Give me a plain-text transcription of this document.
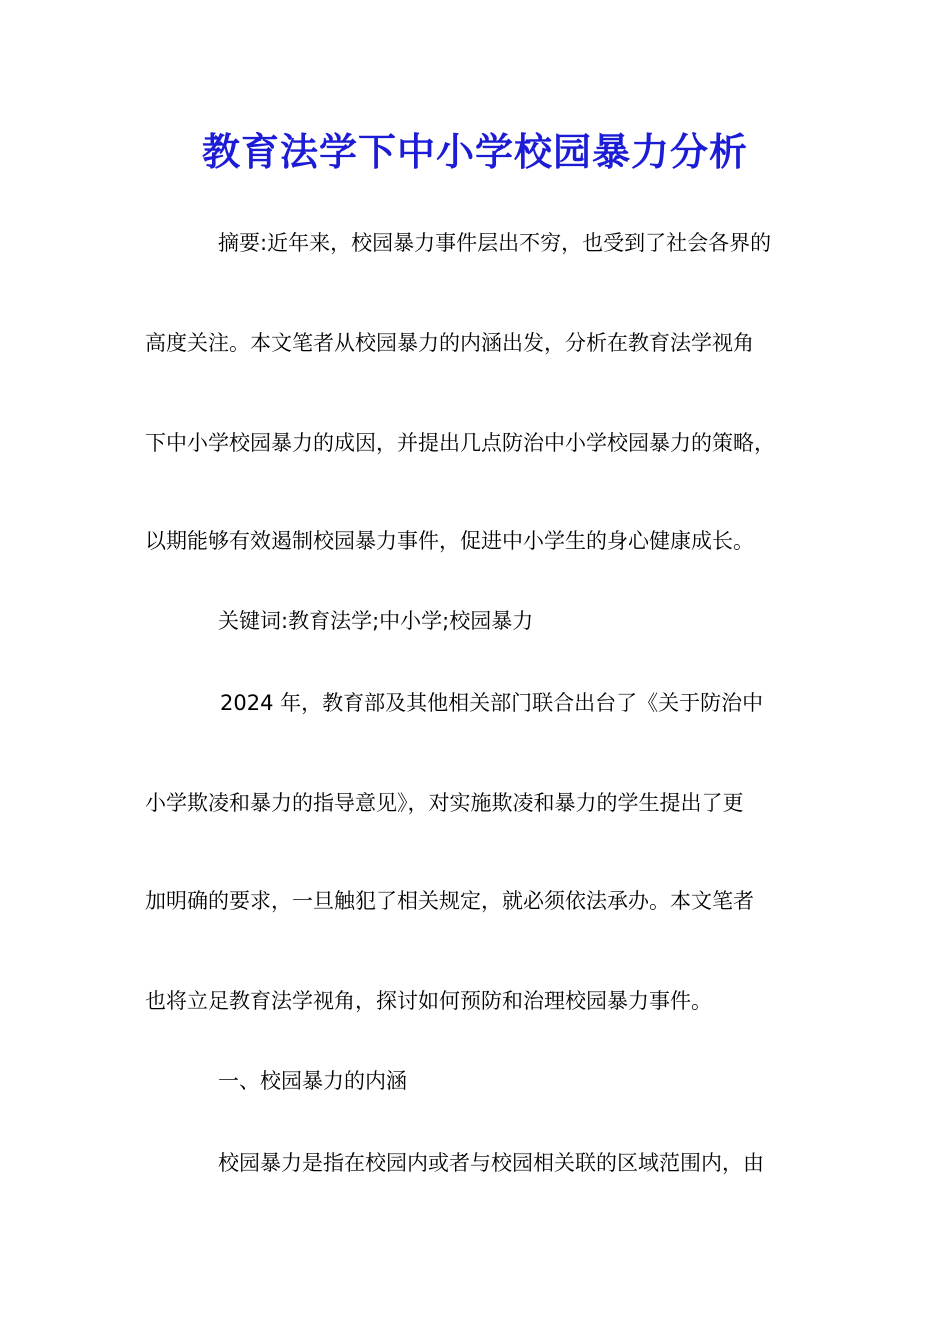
教育法学下中小学校园暴力分析

摘要:近年来，校园暴力事件层出不穷，也受到了社会各界的

高度关注。本文笔者从校园暴力的内涵出发，分析在教育法学视角

下中小学校园暴力的成因，并提出几点防治中小学校园暴力的策略，

以期能够有效遏制校园暴力事件，促进中小学生的身心健康成长。

关键词:教育法学;中小学;校园暴力

2024 年，教育部及其他相关部门联合出台了《关于防治中

小学欺凌和暴力的指导意见》，对实施欺凌和暴力的学生提出了更

加明确的要求，一旦触犯了相关规定，就必须依法承办。本文笔者

也将立足教育法学视角，探讨如何预防和治理校园暴力事件。

一、校园暴力的内涵

校园暴力是指在校园内或者与校园相关联的区域范围内，由
